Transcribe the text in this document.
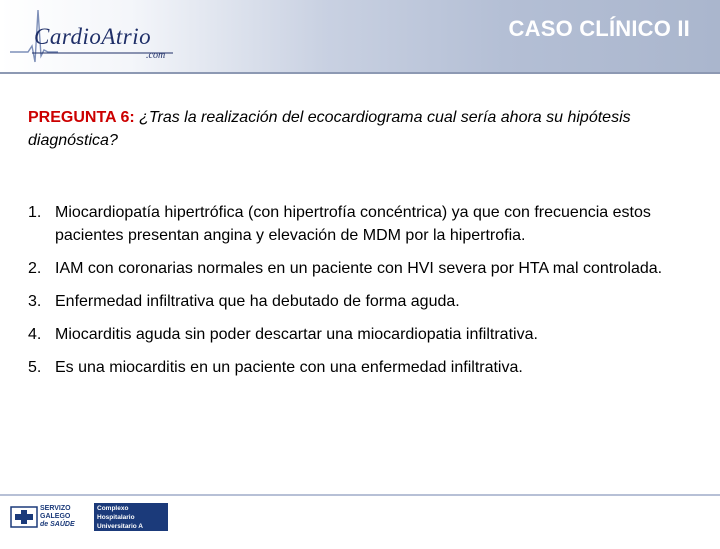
CardioAtrio
.com
CASO CLÍNICO II
PREGUNTA 6: ¿Tras la realización del ecocardiograma cual sería ahora su hipótesis diagnóstica?
1. Miocardiopatía hipertrófica (con hipertrofía concéntrica) ya que con frecuencia estos pacientes presentan angina y elevación de MDM por la hipertrofia.
2. IAM con coronarias normales en un paciente con HVI severa por HTA mal controlada.
3. Enfermedad infiltrativa que ha debutado de forma aguda.
4. Miocarditis aguda sin poder descartar una miocardiopatia infiltrativa.
5. Es una miocarditis en un paciente con una enfermedad infiltrativa.
SERVIZO
GALEGO
de SAÚDE
Complexo Hospitalario
Universitario A Coruña
A Coruña
